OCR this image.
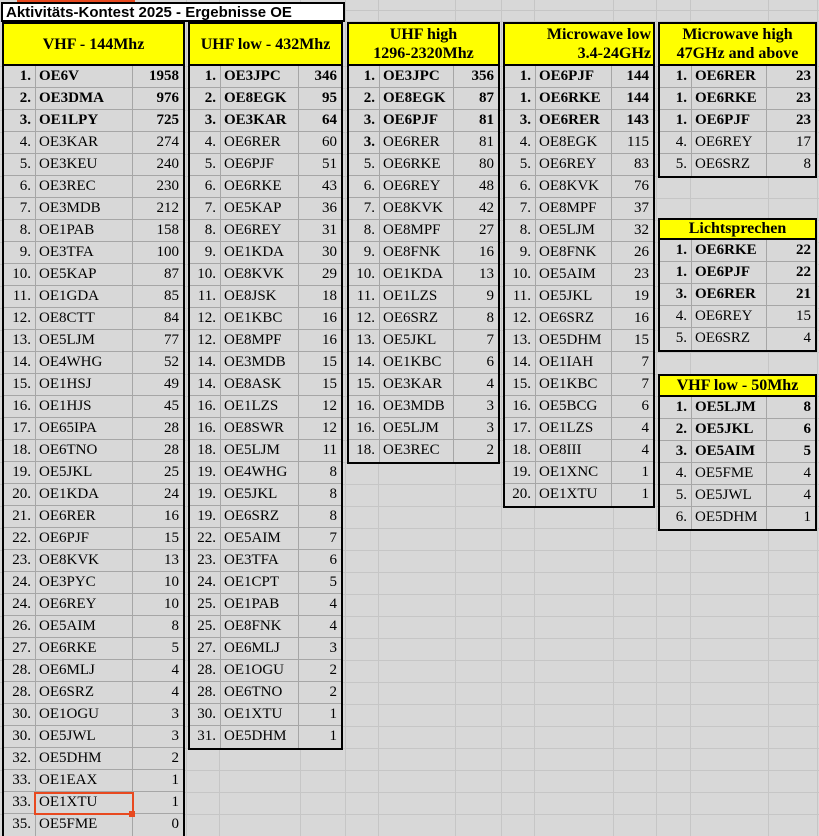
Aktivitäts-Kontest 2025 - Ergebnisse OE
VHF - 144Mhz
1. OE6V	1958
2. OE3DMA	976
3. OE1LPY	725
4. OE3KAR	274
5. OE3KEU	240
6. OE3REC	230
7. OE3MDB	212
8. OE1PAB	158
9. OE3TFA	100
10. OE5KAP	87
11. OE1GDA	85
12. OE8CTT	84
13. OE5LJM	77
14. OE4WHG	52
15. OE1HSJ	49
16. OE1HJS	45
17. OE65IPA	28
18. OE6TNO	28
19. OE5JKL	25
20. OE1KDA	24
21. OE6RER	16
22. OE6PJF	15
23. OE8KVK	13
24. OE3PYC	10
24. OE6REY	10
26. OE5AIM	8
27. OE6RKE	5
28. OE6MLJ	4
28. OE6SRZ	4
30. OE1OGU	3
30. OE5JWL	3
32. OE5DHM	2
33. OE1EAX	1
33. OE1XTU	1
35. OE5FME	0
UHF low - 432Mhz
1. OE3JPC	346
2. OE8EGK	95
3. OE3KAR	64
4. OE6RER	60
5. OE6PJF	51
6. OE6RKE	43
7. OE5KAP	36
8. OE6REY	31
9. OE1KDA	30
10. OE8KVK	29
11. OE8JSK	18
12. OE1KBC	16
12. OE8MPF	16
14. OE3MDB	15
14. OE8ASK	15
16. OE1LZS	12
16. OE8SWR	12
18. OE5LJM	11
19. OE4WHG	8
19. OE5JKL	8
19. OE6SRZ	8
22. OE5AIM	7
23. OE3TFA	6
24. OE1CPT	5
25. OE1PAB	4
25. OE8FNK	4
27. OE6MLJ	3
28. OE1OGU	2
28. OE6TNO	2
30. OE1XTU	1
31. OE5DHM	1
UHF high
1296-2320Mhz
1. OE3JPC	356
2. OE8EGK	87
3. OE6PJF	81
3. OE6RER	81
5. OE6RKE	80
6. OE6REY	48
7. OE8KVK	42
8. OE8MPF	27
9. OE8FNK	16
10. OE1KDA	13
11. OE1LZS	9
12. OE6SRZ	8
13. OE5JKL	7
14. OE1KBC	6
15. OE3KAR	4
16. OE3MDB	3
16. OE5LJM	3
18. OE3REC	2
Microwave low
3.4-24GHz
1. OE6PJF	144
1. OE6RKE	144
3. OE6RER	143
4. OE8EGK	115
5. OE6REY	83
6. OE8KVK	76
7. OE8MPF	37
8. OE5LJM	32
9. OE8FNK	26
10. OE5AIM	23
11. OE5JKL	19
12. OE6SRZ	16
13. OE5DHM	15
14. OE1IAH	7
15. OE1KBC	7
16. OE5BCG	6
17. OE1LZS	4
18. OE8III	4
19. OE1XNC	1
20. OE1XTU	1
Microwave high
47GHz and above
1. OE6RER	23
1. OE6RKE	23
1. OE6PJF	23
4. OE6REY	17
5. OE6SRZ	8
Lichtsprechen
1. OE6RKE	22
1. OE6PJF	22
3. OE6RER	21
4. OE6REY	15
5. OE6SRZ	4
VHF low - 50Mhz
1. OE5LJM	8
2. OE5JKL	6
3. OE5AIM	5
4. OE5FME	4
5. OE5JWL	4
6. OE5DHM	1
